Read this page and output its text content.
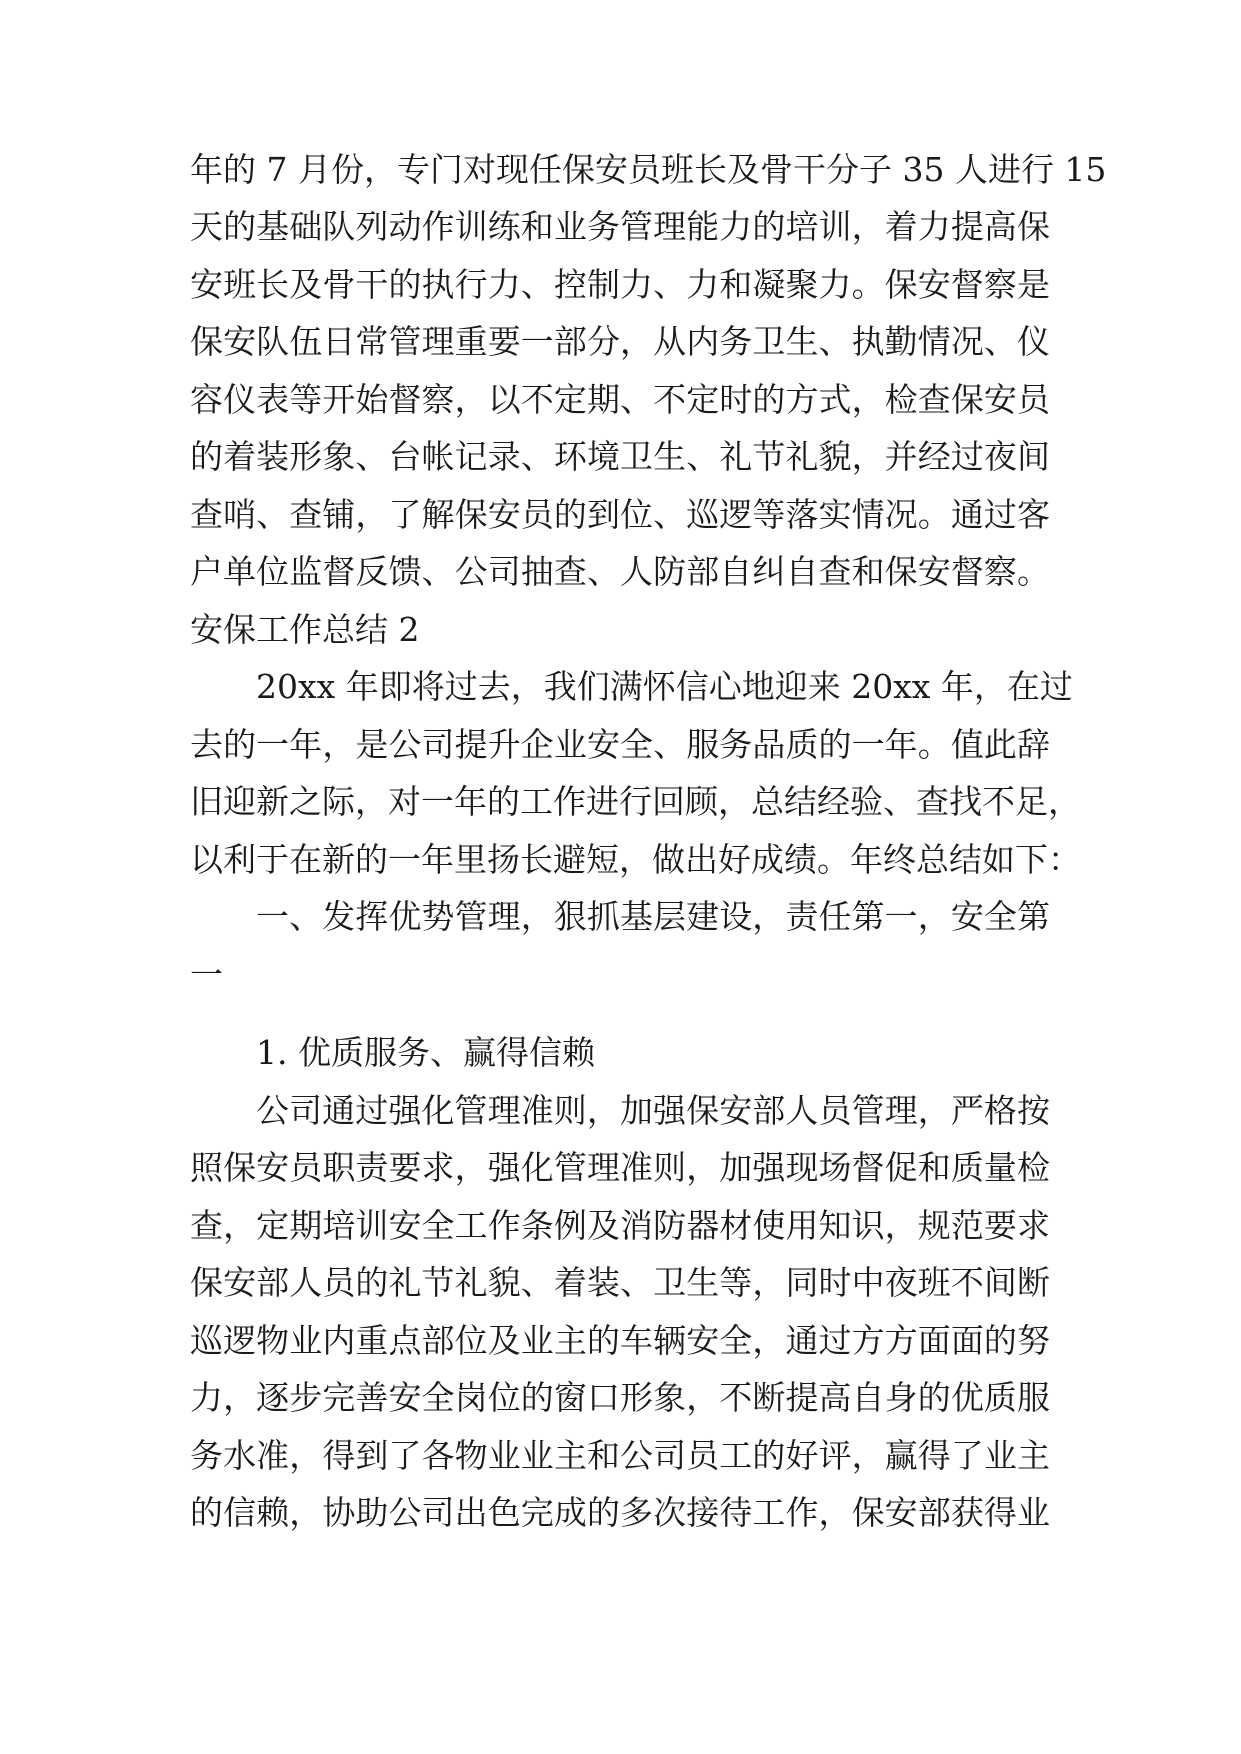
年的 7 月份，专门对现任保安员班长及骨干分子 35 人进行 15
天的基础队列动作训练和业务管理能力的培训，着力提高保
安班长及骨干的执行力、控制力、力和凝聚力。保安督察是
保安队伍日常管理重要一部分，从内务卫生、执勤情况、仪
容仪表等开始督察，以不定期、不定时的方式，检查保安员
的着装形象、台帐记录、环境卫生、礼节礼貌，并经过夜间
查哨、查铺，了解保安员的到位、巡逻等落实情况。通过客
户单位监督反馈、公司抽查、人防部自纠自查和保安督察。
安保工作总结 2
20xx 年即将过去，我们满怀信心地迎来 20xx 年，在过
去的一年，是公司提升企业安全、服务品质的一年。值此辞
旧迎新之际，对一年的工作进行回顾，总结经验、查找不足，
以利于在新的一年里扬长避短，做出好成绩。年终总结如下：
一、发挥优势管理，狠抓基层建设，责任第一，安全第
一
1. 优质服务、赢得信赖
公司通过强化管理准则，加强保安部人员管理，严格按
照保安员职责要求，强化管理准则，加强现场督促和质量检
查，定期培训安全工作条例及消防器材使用知识，规范要求
保安部人员的礼节礼貌、着装、卫生等，同时中夜班不间断
巡逻物业内重点部位及业主的车辆安全，通过方方面面的努
力，逐步完善安全岗位的窗口形象，不断提高自身的优质服
务水准，得到了各物业业主和公司员工的好评，赢得了业主
的信赖，协助公司出色完成的多次接待工作，保安部获得业
